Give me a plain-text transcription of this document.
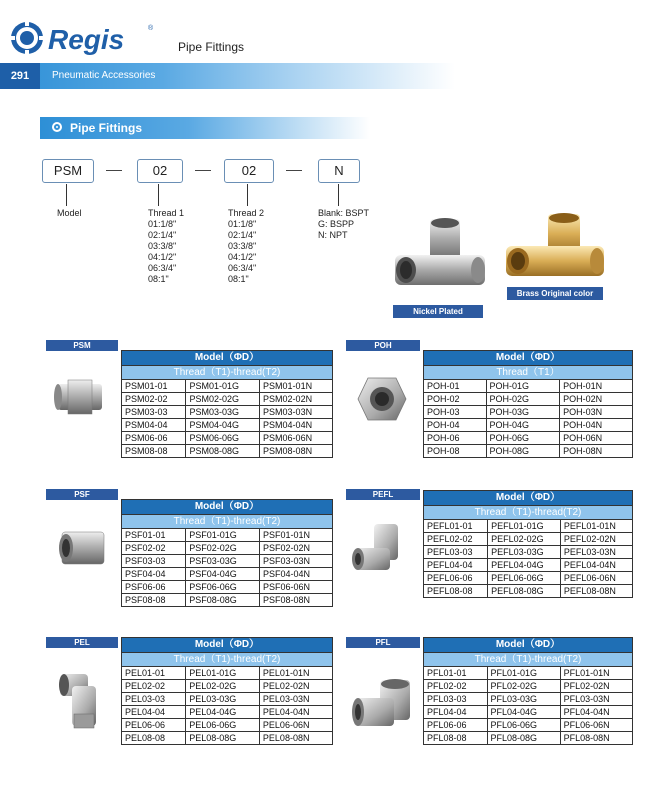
Regis	®
Pipe Fittings
291	Pneumatic Accessories
Pipe Fittings
PSM	02	02	N
Model	Thread 1	Thread 2	Blank: BSPT
G: BSPP
N: NPT
01:1/8"
02:1/4"
03:3/8"
04:1/2"
06:3/4"
08:1"
01:1/8"
02:1/4"
03:3/8"
04:1/2"
06:3/4"
08:1"
Nickel Plated
Brass Original color
PSM
Model（ΦD）		
Thread（T1)-thread(T2)		
PSM01-01	PSM01-01G	PSM01-01N
PSM02-02	PSM02-02G	PSM02-02N
PSM03-03	PSM03-03G	PSM03-03N
PSM04-04	PSM04-04G	PSM04-04N
PSM06-06	PSM06-06G	PSM06-06N
PSM08-08	PSM08-08G	PSM08-08N
POH
Model（ΦD）		
Thread（T1）		
POH-01	POH-01G	POH-01N
POH-02	POH-02G	POH-02N
POH-03	POH-03G	POH-03N
POH-04	POH-04G	POH-04N
POH-06	POH-06G	POH-06N
POH-08	POH-08G	POH-08N
PSF
Model（ΦD）		
Thread（T1)-thread(T2)		
PSF01-01	PSF01-01G	PSF01-01N
PSF02-02	PSF02-02G	PSF02-02N
PSF03-03	PSF03-03G	PSF03-03N
PSF04-04	PSF04-04G	PSF04-04N
PSF06-06	PSF06-06G	PSF06-06N
PSF08-08	PSF08-08G	PSF08-08N
PEFL	Model（ΦD）		
Thread（T1)-thread(T2)		
PEFL01-01	PEFL01-01G	PEFL01-01N
PEFL02-02	PEFL02-02G	PEFL02-02N
PEFL03-03	PEFL03-03G	PEFL03-03N
PEFL04-04	PEFL04-04G	PEFL04-04N
PEFL06-06	PEFL06-06G	PEFL06-06N
PEFL08-08	PEFL08-08G	PEFL08-08N
PEL	Model（ΦD）		
Thread（T1)-thread(T2)		
PEL01-01	PEL01-01G	PEL01-01N
PEL02-02	PEL02-02G	PEL02-02N
PEL03-03	PEL03-03G	PEL03-03N
PEL04-04	PEL04-04G	PEL04-04N
PEL06-06	PEL06-06G	PEL06-06N
PEL08-08	PEL08-08G	PEL08-08N
PFL	Model（ΦD）		
Thread（T1)-thread(T2)		
PFL01-01	PFL01-01G	PFL01-01N
PFL02-02	PFL02-02G	PFL02-02N
PFL03-03	PFL03-03G	PFL03-03N
PFL04-04	PFL04-04G	PFL04-04N
PFL06-06	PFL06-06G	PFL06-06N
PFL08-08	PFL08-08G	PFL08-08N
